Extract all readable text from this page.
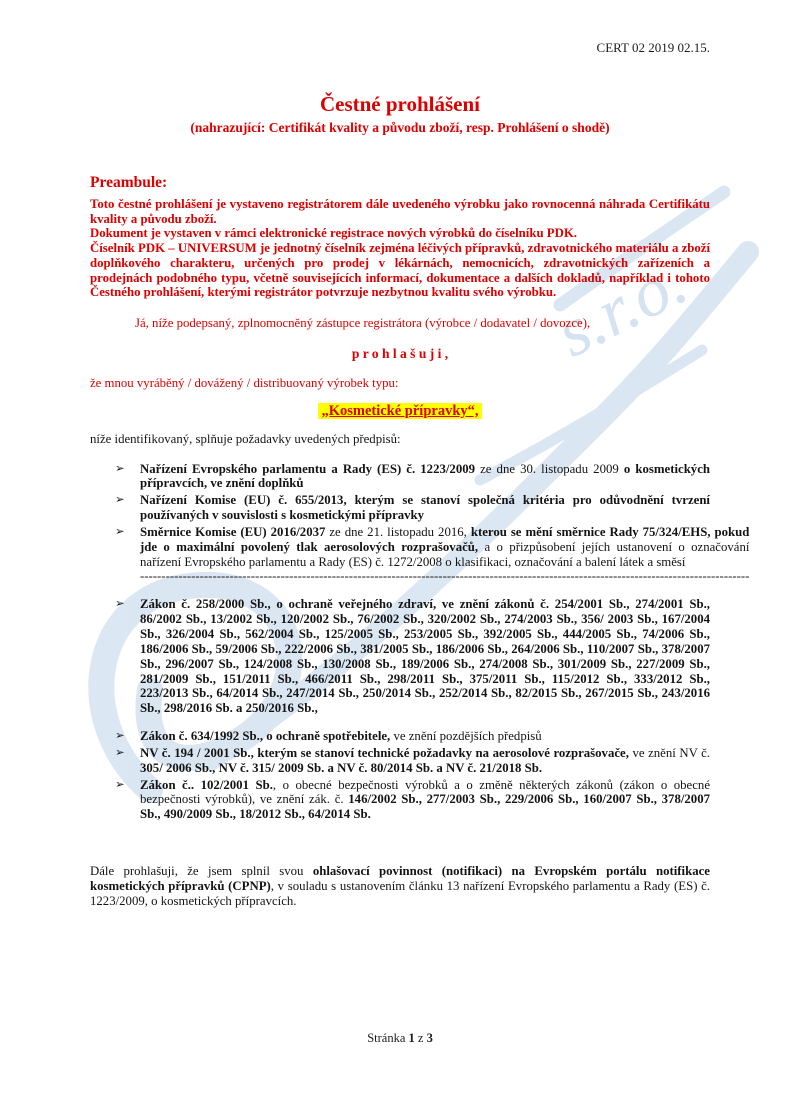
s.r.o.
CERT 02 2019 02.15.
Čestné prohlášení
(nahrazující: Certifikát kvality a původu zboží, resp. Prohlášení o shodě)
Preambule:

Toto čestné prohlášení je vystaveno registrátorem dále uvedeného výrobku jako rovnocenná náhrada Certifikátu kvality a původu zboží.

Dokument je vystaven v rámci elektronické registrace nových výrobků do číselníku PDK.

Číselník PDK – UNIVERSUM je jednotný číselník zejména léčivých přípravků, zdravotnického materiálu a zboží doplňkového charakteru, určených pro prodej v lékárnách, nemocnicích, zdravotnických zařízeních a prodejnách podobného typu, včetně souvisejících informací, dokumentace a dalších dokladů, například i tohoto Čestného prohlášení, kterými registrátor potvrzuje nezbytnou kvalitu svého výrobku.

Já, níže podepsaný, zplnomocněný zástupce registrátora (výrobce / dodavatel / dovozce),

p r o h l a š u j i ,

že mnou vyráběný / dovážený / distribuovaný výrobek typu:

„Kosmetické přípravky“,

níže identifikovaný, splňuje požadavky uvedených předpisů:

➢	Nařízení Evropského parlamentu a Rady (ES) č. 1223/2009 ze dne 30. listopadu 2009 o kosmetických přípravcích, ve znění doplňků
➢	Nařízení Komise (EU) č. 655/2013, kterým se stanoví společná kritéria pro odůvodnění tvrzení používaných v souvislosti s kosmetickými přípravky
➢	Směrnice Komise (EU) 2016/2037 ze dne 21. listopadu 2016, kterou se mění směrnice Rady 75/324/EHS, pokud jde o maximální povolený tlak aerosolových rozprašovačů, a o přizpůsobení jejích ustanovení o označování nařízení Evropského parlamentu a Rady (ES) č. 1272/2008 o klasifikaci, označování a balení látek a směsí
-----------------------------------------------------------------------------------------------------------------------------------------------
➢	Zákon č. 258/2000 Sb., o ochraně veřejného zdraví, ve znění zákonů č. 254/2001 Sb., 274/2001 Sb., 86/2002 Sb., 13/2002 Sb., 120/2002 Sb., 76/2002 Sb., 320/2002 Sb., 274/2003 Sb., 356/ 2003 Sb., 167/2004 Sb., 326/2004 Sb., 562/2004 Sb., 125/2005 Sb., 253/2005 Sb., 392/2005 Sb., 444/2005 Sb., 74/2006 Sb., 186/2006 Sb., 59/2006 Sb., 222/2006 Sb., 381/2005 Sb., 186/2006 Sb., 264/2006 Sb., 110/2007 Sb., 378/2007 Sb., 296/2007 Sb., 124/2008 Sb., 130/2008 Sb., 189/2006 Sb., 274/2008 Sb., 301/2009 Sb., 227/2009 Sb., 281/2009 Sb., 151/2011 Sb., 466/2011 Sb., 298/2011 Sb., 375/2011 Sb., 115/2012 Sb., 333/2012 Sb., 223/2013 Sb., 64/2014 Sb., 247/2014 Sb., 250/2014 Sb., 252/2014 Sb., 82/2015 Sb., 267/2015 Sb., 243/2016 Sb., 298/2016 Sb. a 250/2016 Sb.,
➢	Zákon č. 634/1992 Sb., o ochraně spotřebitele, ve znění pozdějších předpisů
➢	NV č. 194 / 2001 Sb., kterým se stanoví technické požadavky na aerosolové rozprašovače, ve znění NV č. 305/ 2006 Sb., NV č. 315/ 2009 Sb. a NV č. 80/2014 Sb. a NV č. 21/2018 Sb.
➢	Zákon č.. 102/2001 Sb., o obecné bezpečnosti výrobků a o změně některých zákonů (zákon o obecné bezpečnosti výrobků), ve znění zák. č. 146/2002 Sb., 277/2003 Sb., 229/2006 Sb., 160/2007 Sb., 378/2007 Sb., 490/2009 Sb., 18/2012 Sb., 64/2014 Sb.

Dále prohlašuji, že jsem splnil svou ohlašovací povinnost (notifikaci) na Evropském portálu notifikace kosmetických přípravků (CPNP), v souladu s ustanovením článku 13 nařízení Evropského parlamentu a Rady (ES) č. 1223/2009, o kosmetických přípravcích.

Stránka 1 z 3
